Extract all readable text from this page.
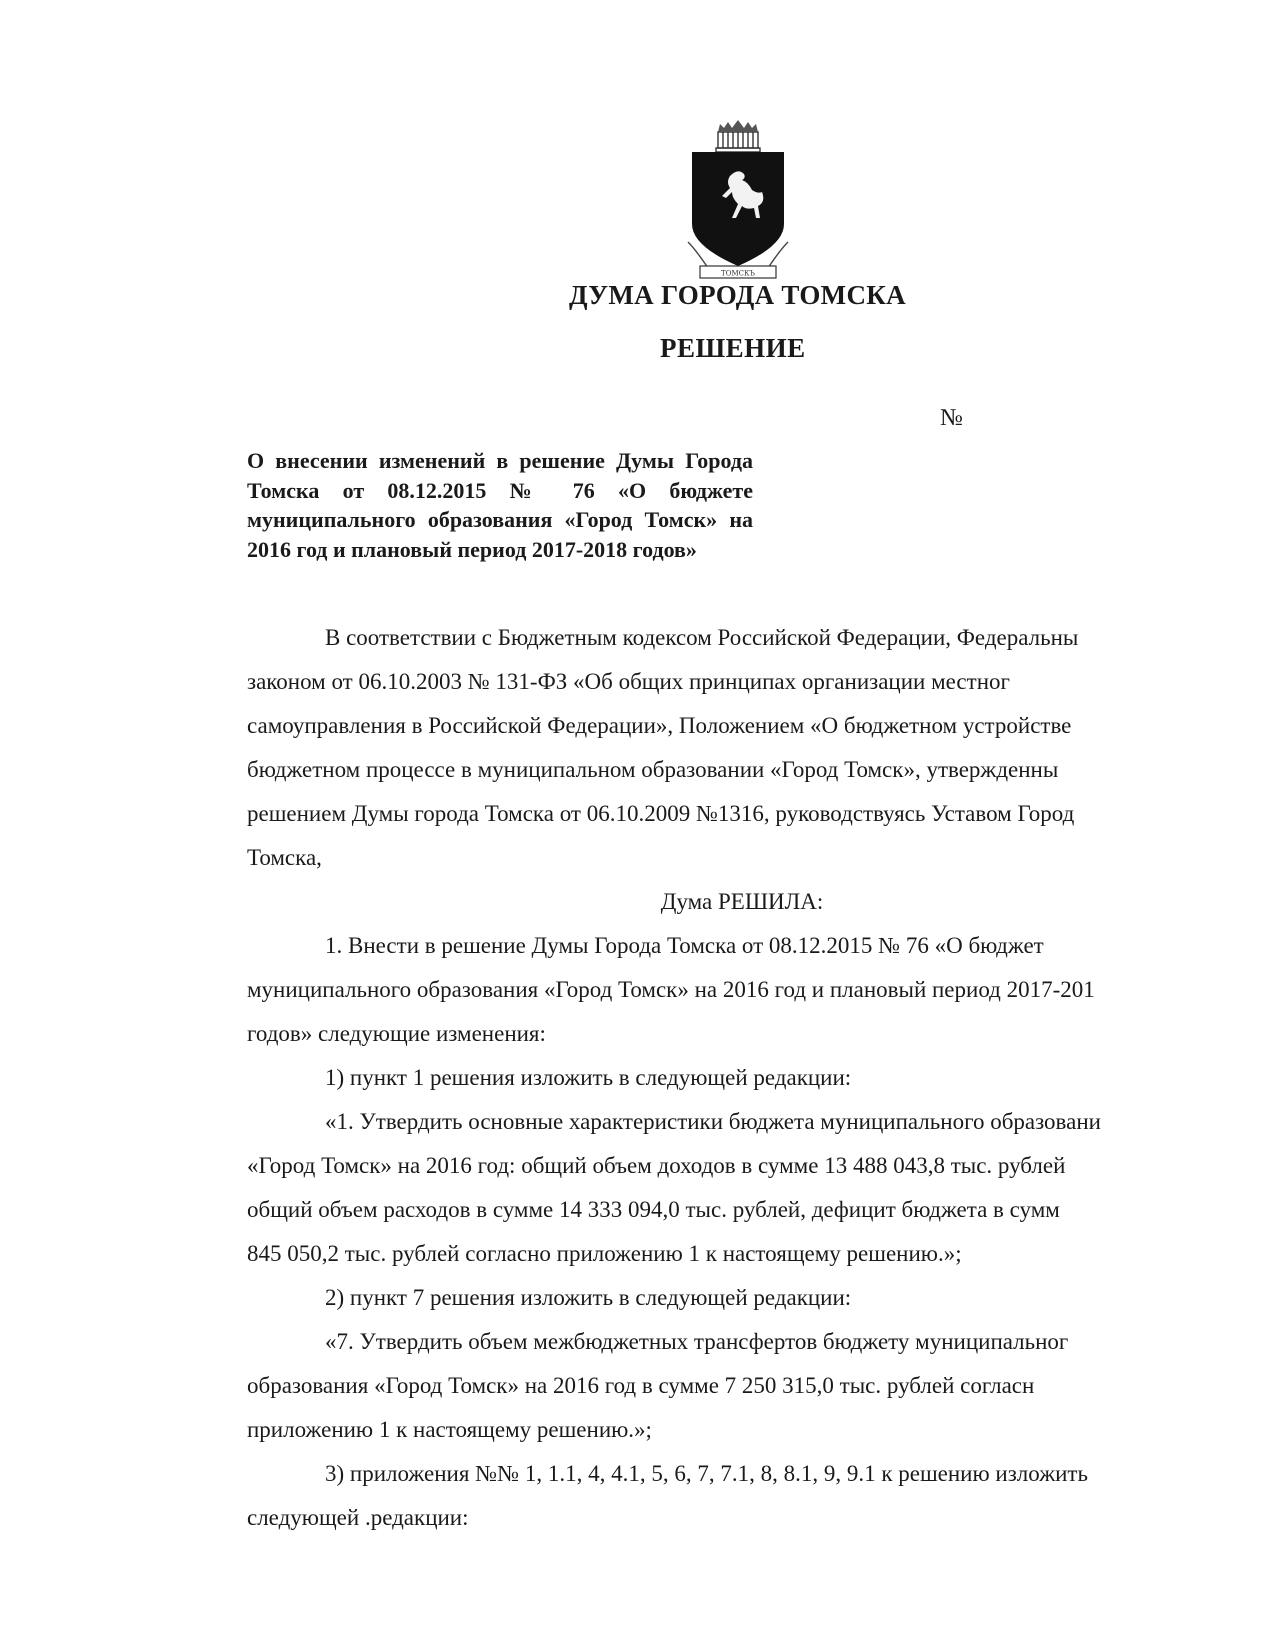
ТОМСКЪ
ДУМА ГОРОДА ТОМСКА
РЕШЕНИЕ
№
О внесении изменений в решение Думы Города Томска от 08.12.2015 № 76 «О бюджете муниципального образования «Город Томск» на 2016 год и плановый период 2017-2018 годов»

В соответствии с Бюджетным кодексом Российской Федерации, Федеральны
законом от 06.10.2003 № 131-ФЗ «Об общих принципах организации местног
самоуправления в Российской Федерации», Положением «О бюджетном устройстве
бюджетном процессе в муниципальном образовании «Город Томск», утвержденны
решением Думы города Томска от 06.10.2009 №1316, руководствуясь Уставом Город
Томска,

Дума РЕШИЛА:

1. Внести в решение Думы Города Томска от 08.12.2015 № 76 «О бюджет
муниципального образования «Город Томск» на 2016 год и плановый период 2017-201
годов» следующие изменения:

1) пункт 1 решения изложить в следующей редакции:

«1. Утвердить основные характеристики бюджета муниципального образовани
«Город Томск» на 2016 год: общий объем доходов в сумме 13 488 043,8 тыс. рублей
общий объем расходов в сумме 14 333 094,0 тыс. рублей, дефицит бюджета в сумм
845 050,2 тыс. рублей согласно приложению 1 к настоящему решению.»;

2) пункт 7 решения изложить в следующей редакции:

«7. Утвердить объем межбюджетных трансфертов бюджету муниципальног
образования «Город Томск» на 2016 год в сумме 7 250 315,0 тыс. рублей согласн
приложению 1 к настоящему решению.»;

3) приложения №№ 1, 1.1, 4, 4.1, 5, 6, 7, 7.1, 8, 8.1, 9, 9.1 к решению изложить
следующей .редакции:
